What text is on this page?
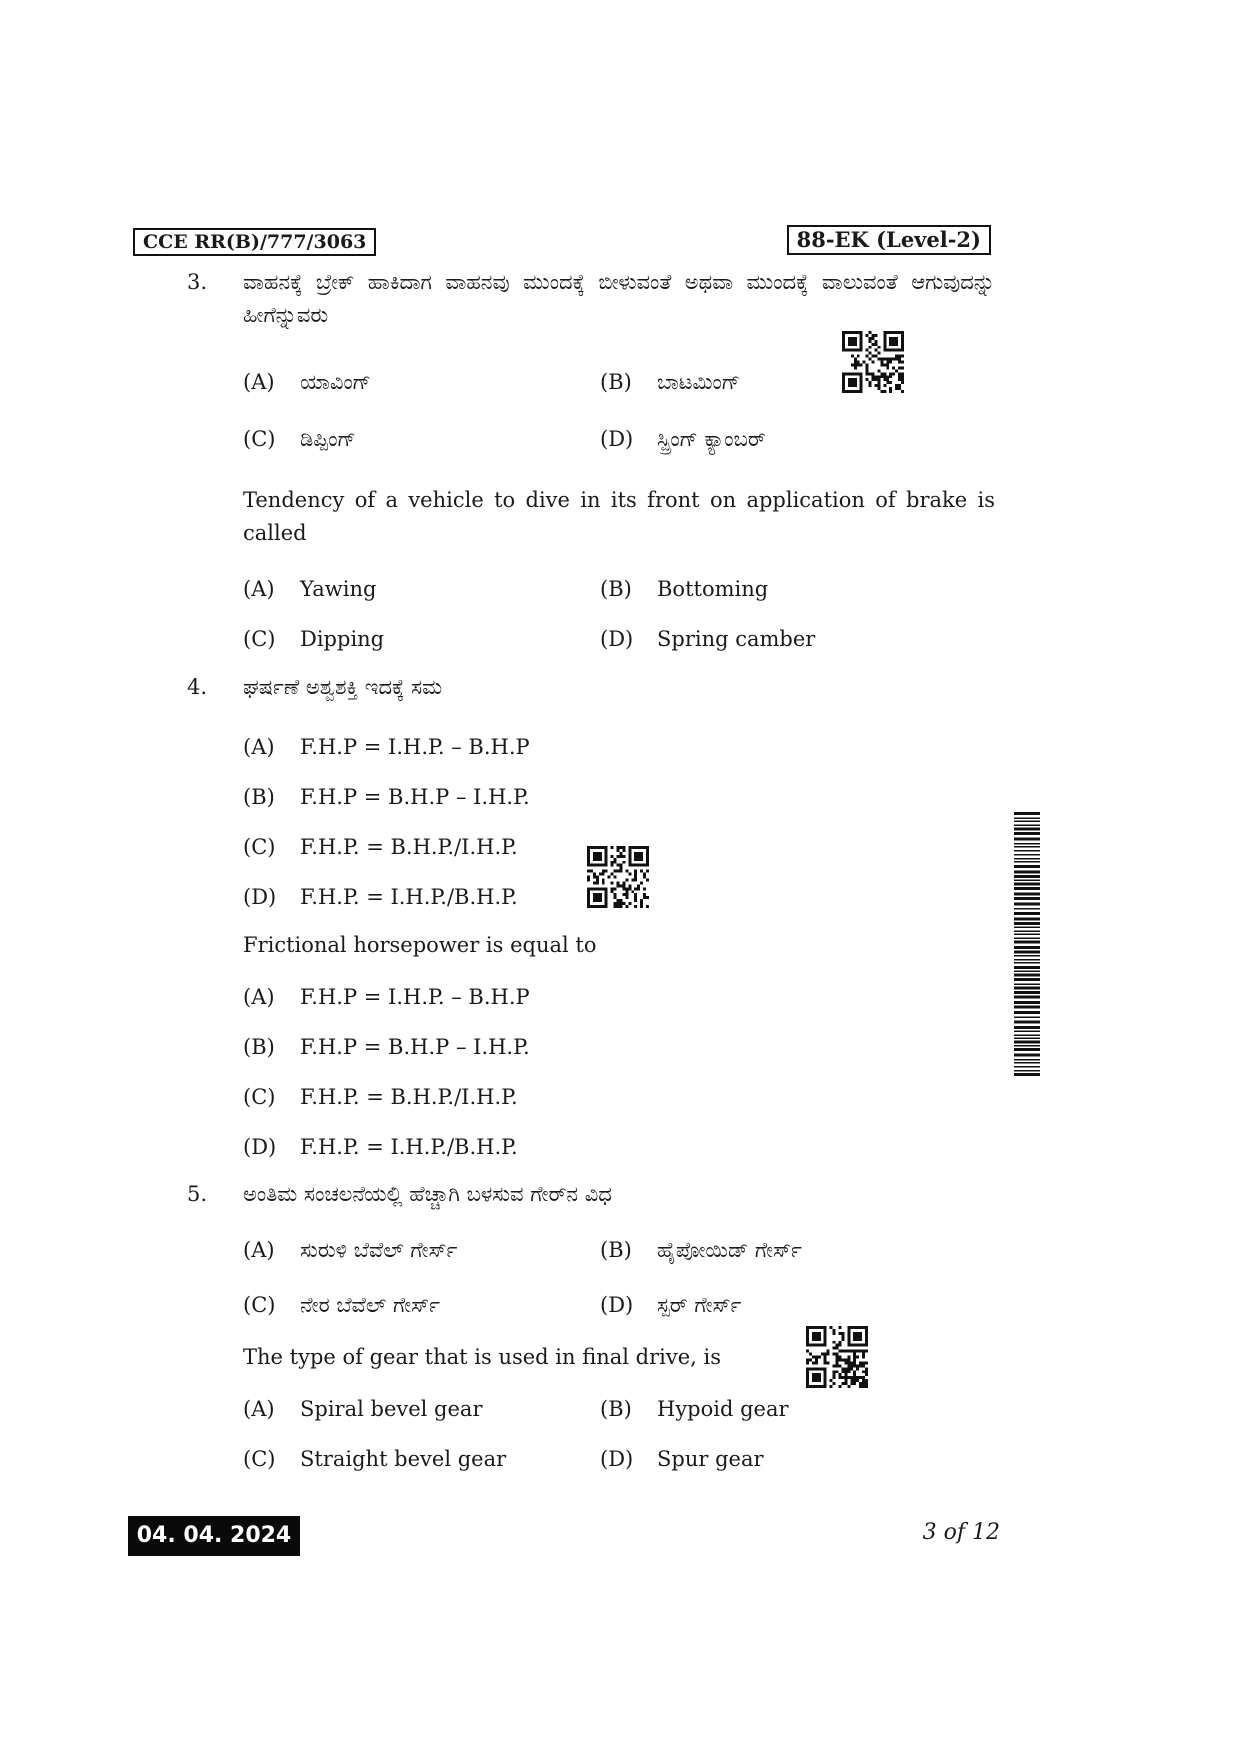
CCE RR(B)/777/3063	88-EK (Level-2)
3.	ವಾಹನಕ್ಕೆ ಬ್ರೇಕ್ ಹಾಕಿದಾಗ ವಾಹನವು ಮುಂದಕ್ಕೆ ಬೀಳುವಂತೆ ಅಥವಾ ಮುಂದಕ್ಕೆ ವಾಲುವಂತೆ ಆಗುವುದನ್ನು ಹೀಗೆನ್ನುವರು
(A) ಯಾವಿಂಗ್	(B) ಬಾಟಮಿಂಗ್
(C) ಡಿಪ್ಪಿಂಗ್	(D) ಸ್ಪ್ರಿಂಗ್ ಕ್ಯಾಂಬರ್
Tendency of a vehicle to dive in its front on application of brake is called
(A) Yawing	(B) Bottoming
(C) Dipping	(D) Spring camber
4.	ಘರ್ಷಣೆ ಅಶ್ವಶಕ್ತಿ ಇದಕ್ಕೆ ಸಮ
(A) F.H.P = I.H.P. – B.H.P
(B) F.H.P = B.H.P – I.H.P.
(C) F.H.P. = B.H.P./I.H.P.
(D) F.H.P. = I.H.P./B.H.P.
Frictional horsepower is equal to
(A) F.H.P = I.H.P. – B.H.P
(B) F.H.P = B.H.P – I.H.P.
(C) F.H.P. = B.H.P./I.H.P.
(D) F.H.P. = I.H.P./B.H.P.
5.	ಅಂತಿಮ ಸಂಚಲನೆಯಲ್ಲಿ ಹೆಚ್ಚಾಗಿ ಬಳಸುವ ಗೇರ್‌ನ ವಿಧ
(A) ಸುರುಳಿ ಬೆವೆಲ್ ಗೇರ್ಸ್	(B) ಹೈಪೋಯಿಡ್ ಗೇರ್ಸ್
(C) ನೇರ ಬೆವೆಲ್ ಗೇರ್ಸ್	(D) ಸ್ಪರ್ ಗೇರ್ಸ್
The type of gear that is used in final drive, is
(A) Spiral bevel gear	(B) Hypoid gear
(C) Straight bevel gear	(D) Spur gear
04. 04. 2024	3 of 12
